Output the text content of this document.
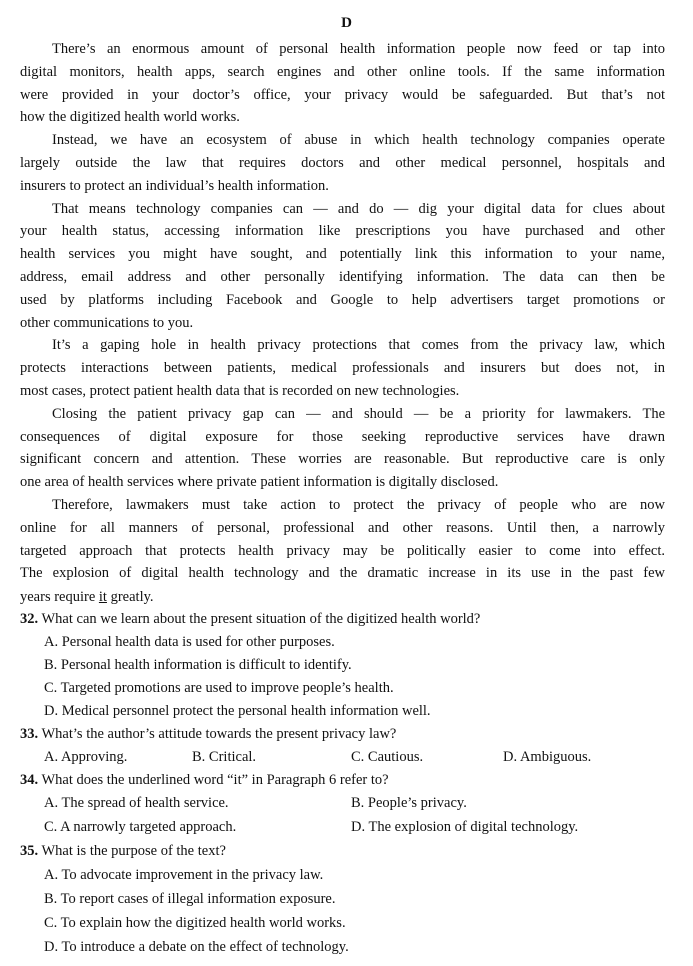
D
There’s an enormous amount of personal health information people now feed or tap into
digital monitors, health apps, search engines and other online tools. If the same information
were provided in your doctor’s office, your privacy would be safeguarded. But that’s not
how the digitized health world works.
Instead, we have an ecosystem of abuse in which health technology companies operate
largely outside the law that requires doctors and other medical personnel, hospitals and
insurers to protect an individual’s health information.
That means technology companies can — and do — dig your digital data for clues about
your health status, accessing information like prescriptions you have purchased and other
health services you might have sought, and potentially link this information to your name,
address, email address and other personally identifying information. The data can then be
used by platforms including Facebook and Google to help advertisers target promotions or
other communications to you.
It’s a gaping hole in health privacy protections that comes from the privacy law, which
protects interactions between patients, medical professionals and insurers but does not, in
most cases, protect patient health data that is recorded on new technologies.
Closing the patient privacy gap can — and should — be a priority for lawmakers. The
consequences of digital exposure for those seeking reproductive services have drawn
significant concern and attention. These worries are reasonable. But reproductive care is only
one area of health services where private patient information is digitally disclosed.
Therefore, lawmakers must take action to protect the privacy of people who are now
online for all manners of personal, professional and other reasons. Until then, a narrowly
targeted approach that protects health privacy may be politically easier to come into effect.
The explosion of digital health technology and the dramatic increase in its use in the past few
years require it greatly.
32. What can we learn about the present situation of the digitized health world?
A. Personal health data is used for other purposes.
B. Personal health information is difficult to identify.
C. Targeted promotions are used to improve people’s health.
D. Medical personnel protect the personal health information well.
33. What’s the author’s attitude towards the present privacy law?
A. Approving.	B. Critical.	C. Cautious.	D. Ambiguous.
34. What does the underlined word “it” in Paragraph 6 refer to?
A. The spread of health service.	B. People’s privacy.
C. A narrowly targeted approach.	D. The explosion of digital technology.
35. What is the purpose of the text?
A. To advocate improvement in the privacy law.
B. To report cases of illegal information exposure.
C. To explain how the digitized health world works.
D. To introduce a debate on the effect of technology.
